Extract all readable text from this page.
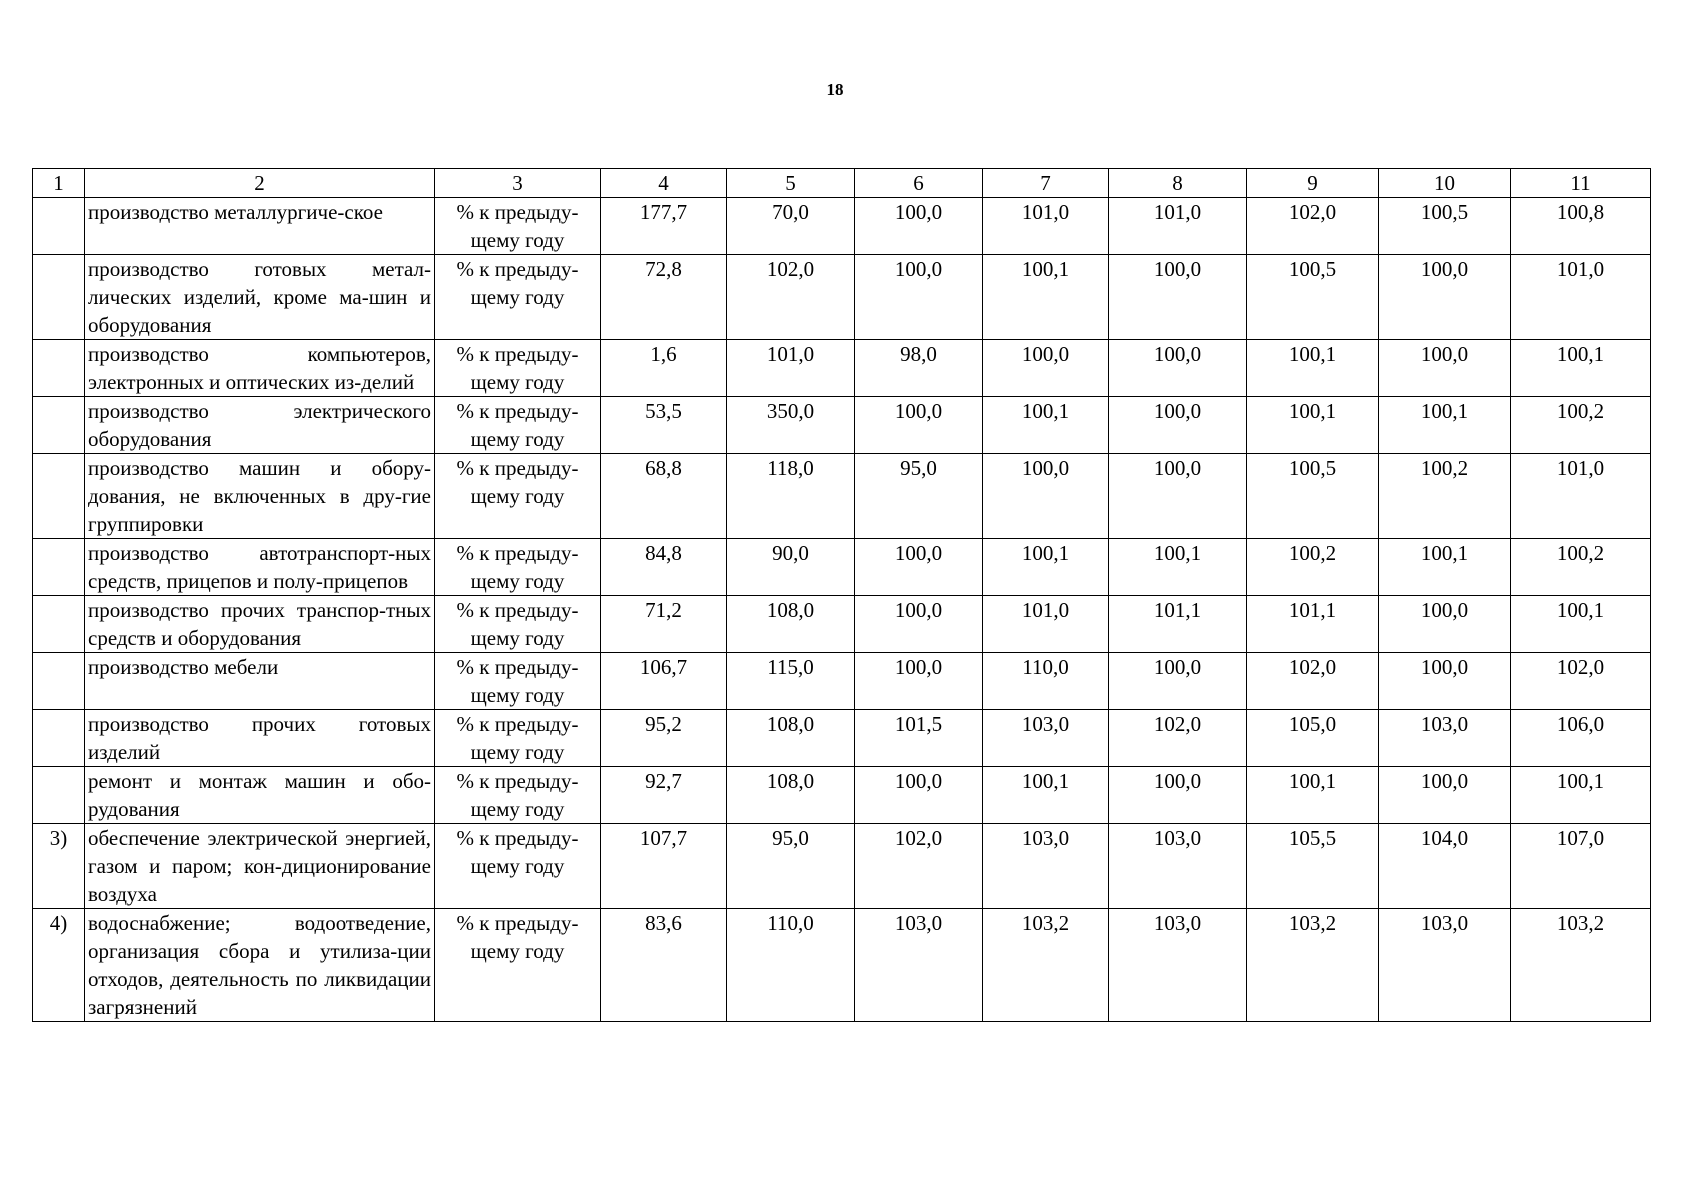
18
1	2	3	4	5	6	7	8	9	10	11
	производство металлургиче-ское	% к предыду-щему году	177,7	70,0	100,0	101,0	101,0	102,0	100,5	100,8
	производство готовых метал-лических изделий, кроме ма-шин и оборудования	% к предыду-щему году	72,8	102,0	100,0	100,1	100,0	100,5	100,0	101,0
	производство компьютеров, электронных и оптических из-делий	% к предыду-щему году	1,6	101,0	98,0	100,0	100,0	100,1	100,0	100,1
	производство электрического оборудования	% к предыду-щему году	53,5	350,0	100,0	100,1	100,0	100,1	100,1	100,2
	производство машин и обору-дования, не включенных в дру-гие группировки	% к предыду-щему году	68,8	118,0	95,0	100,0	100,0	100,5	100,2	101,0
	производство автотранспорт-ных средств, прицепов и полу-прицепов	% к предыду-щему году	84,8	90,0	100,0	100,1	100,1	100,2	100,1	100,2
	производство прочих транспор-тных средств и оборудования	% к предыду-щему году	71,2	108,0	100,0	101,0	101,1	101,1	100,0	100,1
	производство мебели	% к предыду-щему году	106,7	115,0	100,0	110,0	100,0	102,0	100,0	102,0
	производство прочих готовых изделий	% к предыду-щему году	95,2	108,0	101,5	103,0	102,0	105,0	103,0	106,0
	ремонт и монтаж машин и обо-рудования	% к предыду-щему году	92,7	108,0	100,0	100,1	100,0	100,1	100,0	100,1
3)	обеспечение электрической энергией, газом и паром; кон-диционирование воздуха	% к предыду-щему году	107,7	95,0	102,0	103,0	103,0	105,5	104,0	107,0
4)	водоснабжение; водоотведение, организация сбора и утилиза-ции отходов, деятельность по ликвидации загрязнений	% к предыду-щему году	83,6	110,0	103,0	103,2	103,0	103,2	103,0	103,2
